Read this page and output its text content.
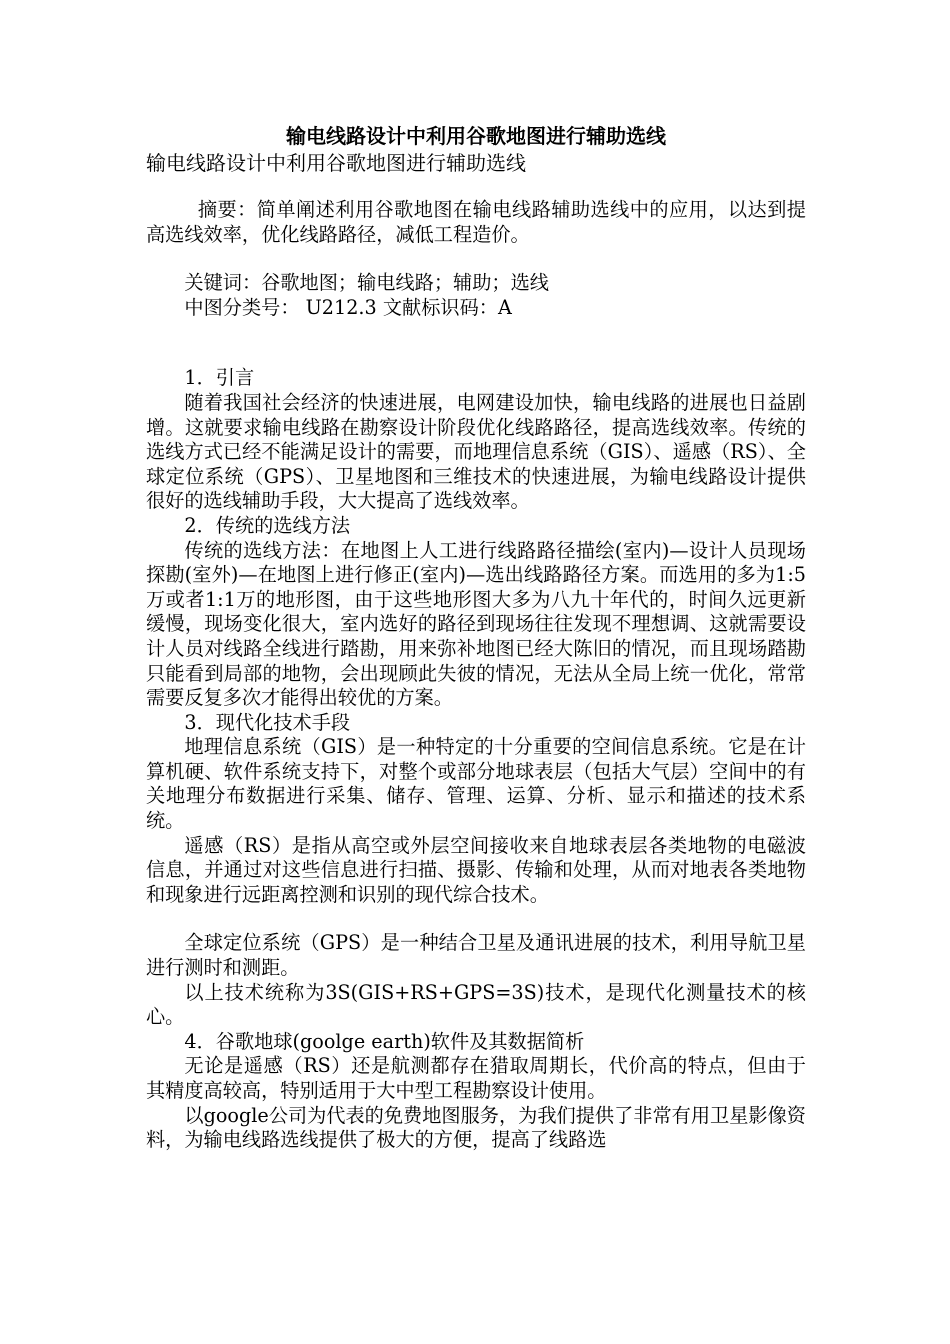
输电线路设计中利用谷歌地图进行辅助选线

输电线路设计中利用谷歌地图进行辅助选线

摘要：简单阐述利用谷歌地图在输电线路辅助选线中的应用，以达到提高选线效率，优化线路路径，减低工程造价。

关键词：谷歌地图；输电线路；辅助；选线

中图分类号： U212.3 文献标识码：A

1．引言

随着我国社会经济的快速进展，电网建设加快，输电线路的进展也日益剧增。这就要求输电线路在勘察设计阶段优化线路路径，提高选线效率。传统的选线方式已经不能满足设计的需要，而地理信息系统（GIS）、遥感（RS）、全球定位系统（GPS）、卫星地图和三维技术的快速进展，为输电线路设计提供很好的选线辅助手段，大大提高了选线效率。

2．传统的选线方法

传统的选线方法：在地图上人工进行线路路径描绘(室内)—设计人员现场探勘(室外)—在地图上进行修正(室内)—选出线路路径方案。而选用的多为1:5万或者1:1万的地形图，由于这些地形图大多为八九十年代的，时间久远更新缓慢，现场变化很大，室内选好的路径到现场往往发现不理想调、这就需要设计人员对线路全线进行踏勘，用来弥补地图已经大陈旧的情况，而且现场踏勘只能看到局部的地物，会出现顾此失彼的情况，无法从全局上统一优化，常常需要反复多次才能得出较优的方案。

3．现代化技术手段

地理信息系统（GIS）是一种特定的十分重要的空间信息系统。它是在计算机硬、软件系统支持下，对整个或部分地球表层（包括大气层）空间中的有关地理分布数据进行采集、储存、管理、运算、分析、显示和描述的技术系统。

遥感（RS）是指从高空或外层空间接收来自地球表层各类地物的电磁波信息，并通过对这些信息进行扫描、摄影、传输和处理，从而对地表各类地物和现象进行远距离控测和识别的现代综合技术。

全球定位系统（GPS）是一种结合卫星及通讯进展的技术，利用导航卫星进行测时和测距。

以上技术统称为3S(GIS+RS+GPS=3S)技术，是现代化测量技术的核心。

4．谷歌地球(goolge earth)软件及其数据简析

无论是遥感（RS）还是航测都存在猎取周期长，代价高的特点，但由于其精度高较高，特别适用于大中型工程勘察设计使用。

以google公司为代表的免费地图服务，为我们提供了非常有用卫星影像资料，为输电线路选线提供了极大的方便，提高了线路选
